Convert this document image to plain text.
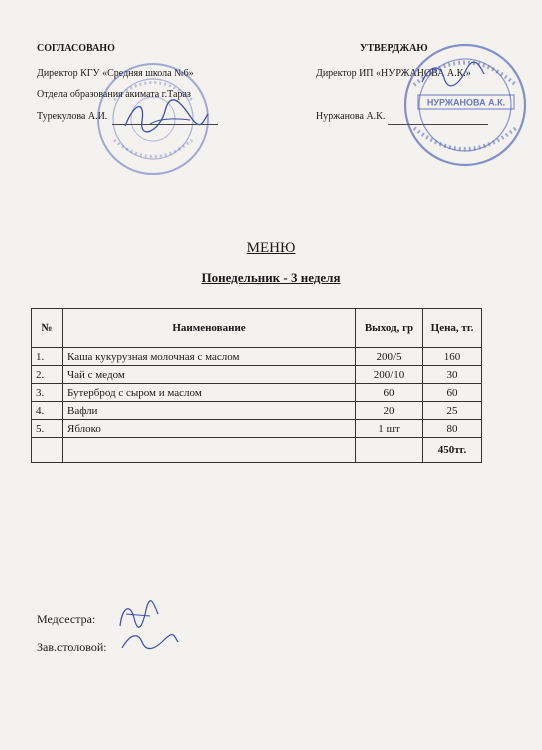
СОГЛАСОВАНО
Директор КГУ «Средняя школа №6»
Отдела образования акимата г.Тараз
Турекулова А.И.
УТВЕРДЖАЮ
Директор ИП «НУРЖАНОВА А.К.»
Нуржанова А.К.
НУРЖАНОВА А.К.
МЕНЮ
Понедельник - 3 неделя
№	Наименование	Выход, гр	Цена, тг.
1.	Каша кукурузная молочная с маслом	200/5	160
2.	Чай с медом	200/10	30
3.	Бутерброд с сыром и маслом	60	60
4.	Вафли	20	25
5.	Яблоко	1 шт	80
			450тг.
Медсестра:
Зав.столовой:
